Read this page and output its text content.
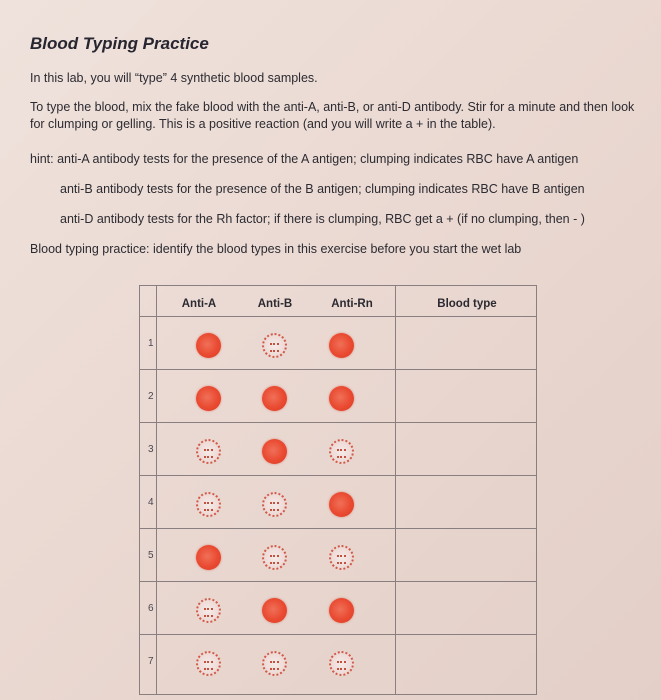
Blood Typing Practice
In this lab, you will “type” 4 synthetic blood samples.
To type the blood, mix the fake blood with the anti-A, anti-B, or anti-D antibody. Stir for a minute and then look for clumping or gelling. This is a positive reaction (and you will write a + in the table).
hint: anti-A antibody tests for the presence of the A antigen; clumping indicates RBC have A antigen
anti-B antibody tests for the presence of the B antigen; clumping indicates RBC have B antigen
anti-D antibody tests for the Rh factor; if there is clumping, RBC get a + (if no clumping, then - )
Blood typing practice: identify the blood types in this exercise before you start the wet lab
Anti-A	Anti-B	Anti-Rn	Blood type
1
2
3
4
5
6
7
